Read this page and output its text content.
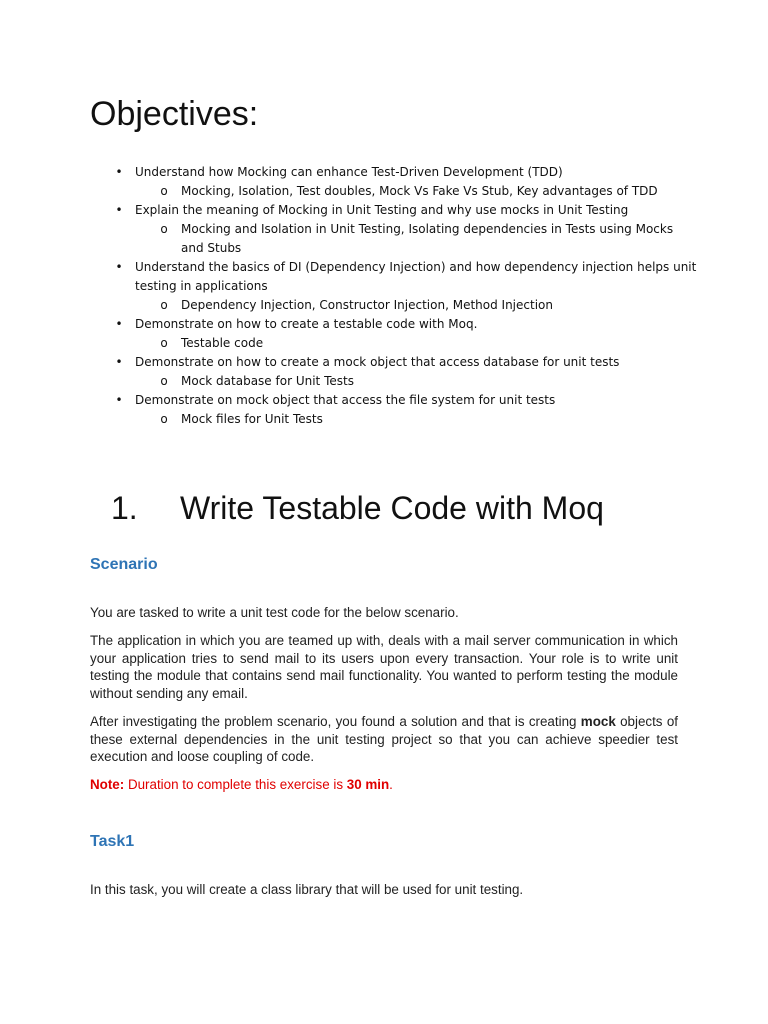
Objectives:
• Understand how Mocking can enhance Test-Driven Development (TDD)
o Mocking, Isolation, Test doubles, Mock Vs Fake Vs Stub, Key advantages of TDD
• Explain the meaning of Mocking in Unit Testing and why use mocks in Unit Testing
o Mocking and Isolation in Unit Testing, Isolating dependencies in Tests using Mocks and Stubs
• Understand the basics of DI (Dependency Injection) and how dependency injection helps unit testing in applications
o Dependency Injection, Constructor Injection, Method Injection
• Demonstrate on how to create a testable code with Moq.
o Testable code
• Demonstrate on how to create a mock object that access database for unit tests
o Mock database for Unit Tests
• Demonstrate on mock object that access the file system for unit tests
o Mock files for Unit Tests
1. Write Testable Code with Moq
Scenario

You are tasked to write a unit test code for the below scenario.

The application in which you are teamed up with, deals with a mail server communication in which your application tries to send mail to its users upon every transaction. Your role is to write unit testing the module that contains send mail functionality. You wanted to perform testing the module without sending any email.

After investigating the problem scenario, you found a solution and that is creating mock objects of these external dependencies in the unit testing project so that you can achieve speedier test execution and loose coupling of code.

Note: Duration to complete this exercise is 30 min.

Task1

In this task, you will create a class library that will be used for unit testing.
